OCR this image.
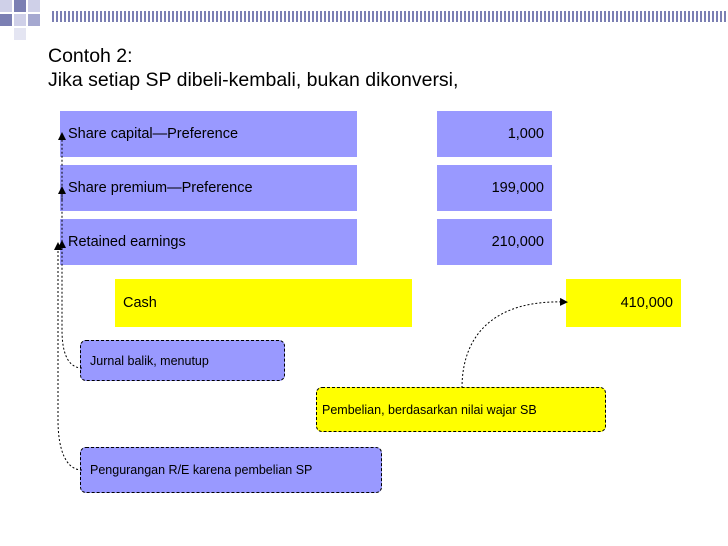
Contoh 2:
Jika setiap SP dibeli-kembali, bukan dikonversi,
Share capital—Preference	1,000
Share premium—Preference	199,000
Retained earnings	210,000
Cash	410,000
Jurnal balik, menutup
Pembelian, berdasarkan nilai wajar SB
Pengurangan R/E karena pembelian SP
